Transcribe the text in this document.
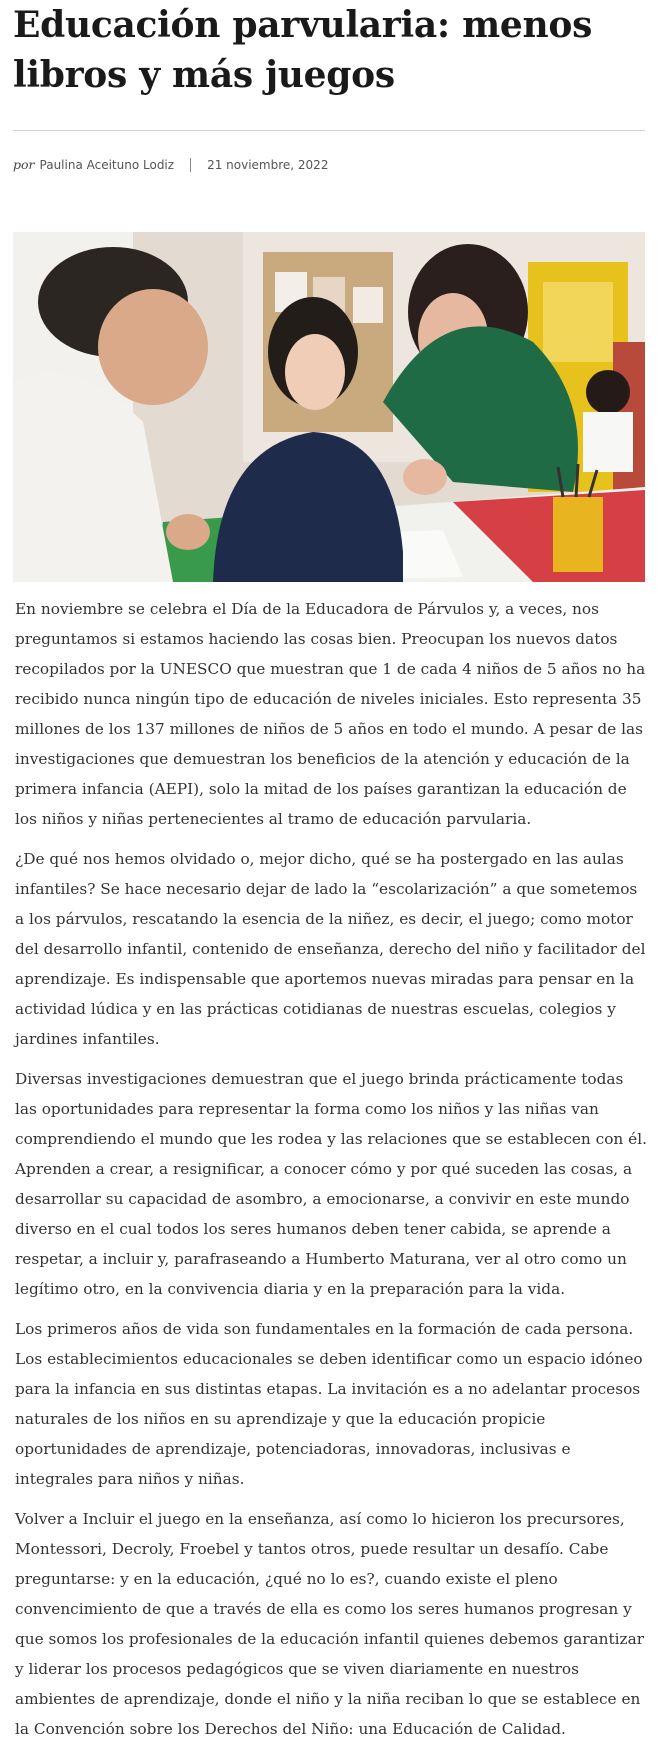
Educación parvularia: menos libros y más juegos
por Paulina Aceituno Lodiz	21 noviembre, 2022

En noviembre se celebra el Día de la Educadora de Párvulos y, a veces, nos preguntamos si estamos haciendo las cosas bien. Preocupan los nuevos datos recopilados por la UNESCO que muestran que 1 de cada 4 niños de 5 años no ha recibido nunca ningún tipo de educación de niveles iniciales. Esto representa 35 millones de los 137 millones de niños de 5 años en todo el mundo. A pesar de las investigaciones que demuestran los beneficios de la atención y educación de la primera infancia (AEPI), solo la mitad de los países garantizan la educación de los niños y niñas pertenecientes al tramo de educación parvularia.

¿De qué nos hemos olvidado o, mejor dicho, qué se ha postergado en las aulas infantiles? Se hace necesario dejar de lado la “escolarización” a que sometemos a los párvulos, rescatando la esencia de la niñez, es decir, el juego; como motor del desarrollo infantil, contenido de enseñanza, derecho del niño y facilitador del aprendizaje. Es indispensable que aportemos nuevas miradas para pensar en la actividad lúdica y en las prácticas cotidianas de nuestras escuelas, colegios y jardines infantiles.

Diversas investigaciones demuestran que el juego brinda prácticamente todas las oportunidades para representar la forma como los niños y las niñas van comprendiendo el mundo que les rodea y las relaciones que se establecen con él. Aprenden a crear, a resignificar, a conocer cómo y por qué suceden las cosas, a desarrollar su capacidad de asombro, a emocionarse, a convivir en este mundo diverso en el cual todos los seres humanos deben tener cabida, se aprende a respetar, a incluir y, parafraseando a Humberto Maturana, ver al otro como un legítimo otro, en la convivencia diaria y en la preparación para la vida.

Los primeros años de vida son fundamentales en la formación de cada persona. Los establecimientos educacionales se deben identificar como un espacio idóneo para la infancia en sus distintas etapas. La invitación es a no adelantar procesos naturales de los niños en su aprendizaje y que la educación propicie oportunidades de aprendizaje, potenciadoras, innovadoras, inclusivas e integrales para niños y niñas.

Volver a Incluir el juego en la enseñanza, así como lo hicieron los precursores, Montessori, Decroly, Froebel y tantos otros, puede resultar un desafío. Cabe preguntarse: y en la educación, ¿qué no lo es?, cuando existe el pleno convencimiento de que a través de ella es como los seres humanos progresan y que somos los profesionales de la educación infantil quienes debemos garantizar y liderar los procesos pedagógicos que se viven diariamente en nuestros ambientes de aprendizaje, donde el niño y la niña reciban lo que se establece en la Convención sobre los Derechos del Niño: una Educación de Calidad.
